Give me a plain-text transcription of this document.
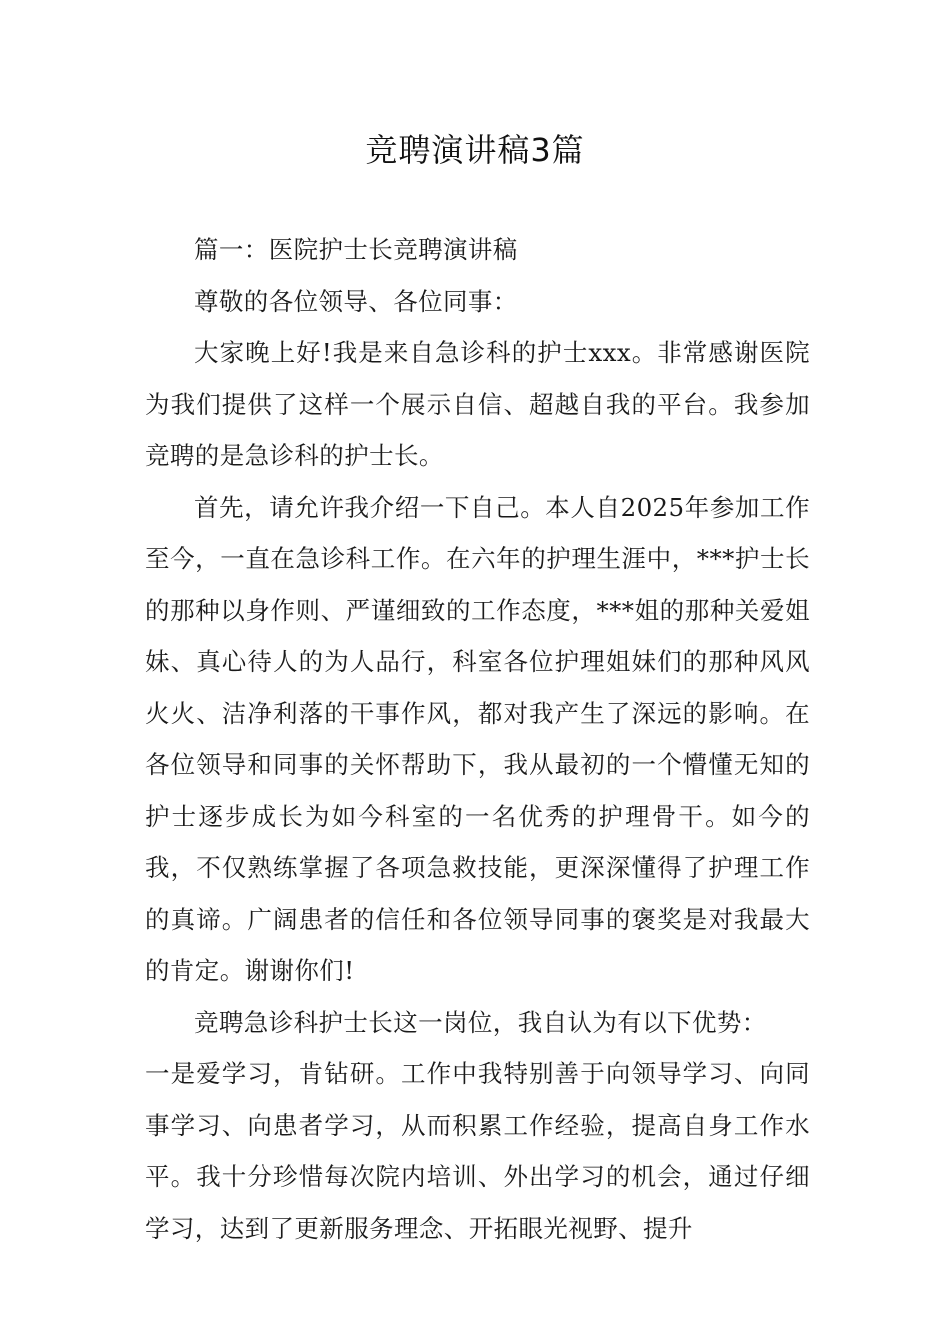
竞聘演讲稿3篇

篇一：医院护士长竞聘演讲稿

尊敬的各位领导、各位同事：

大家晚上好!我是来自急诊科的护士xxx。非常感谢医院为我们提供了这样一个展示自信、超越自我的平台。我参加竞聘的是急诊科的护士长。

首先，请允许我介绍一下自己。本人自2025年参加工作至今，一直在急诊科工作。在六年的护理生涯中，***护士长的那种以身作则、严谨细致的工作态度，***姐的那种关爱姐妹、真心待人的为人品行，科室各位护理姐妹们的那种风风火火、洁净利落的干事作风，都对我产生了深远的影响。在各位领导和同事的关怀帮助下，我从最初的一个懵懂无知的护士逐步成长为如今科室的一名优秀的护理骨干。如今的我，不仅熟练掌握了各项急救技能，更深深懂得了护理工作的真谛。广阔患者的信任和各位领导同事的褒奖是对我最大的肯定。谢谢你们!

竞聘急诊科护士长这一岗位，我自认为有以下优势：

一是爱学习，肯钻研。工作中我特别善于向领导学习、向同事学习、向患者学习，从而积累工作经验，提高自身工作水平。我十分珍惜每次院内培训、外出学习的机会，通过仔细学习，达到了更新服务理念、开拓眼光视野、提升
